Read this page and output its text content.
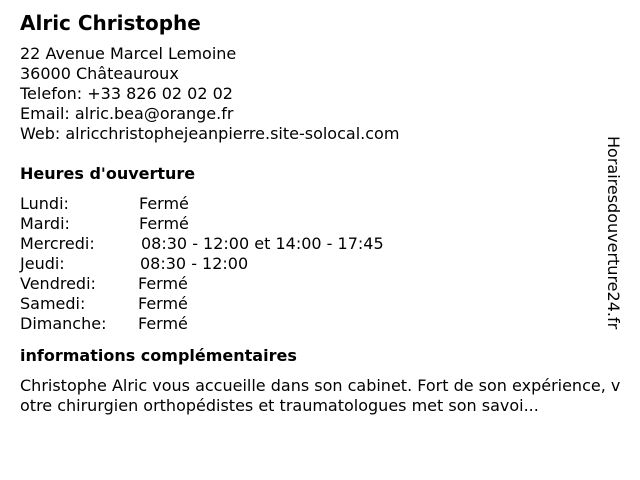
Alric Christophe
22 Avenue Marcel Lemoine
36000 Châteauroux
Telefon: +33 826 02 02 02
Email: alric.bea@orange.fr
Web: alricchristophejeanpierre.site-solocal.com
Heures d'ouverture
Lundi:	Fermé
Mardi:	Fermé
Mercredi:	08:30 - 12:00 et 14:00 - 17:45
Jeudi:	08:30 - 12:00
Vendredi:	Fermé
Samedi:	Fermé
Dimanche: Fermé
informations complémentaires
Christophe Alric vous accueille dans son cabinet. Fort de son expérience, votre chirurgien orthopédistes et traumatologues met son savoi...
Horairesdouverture24.fr
